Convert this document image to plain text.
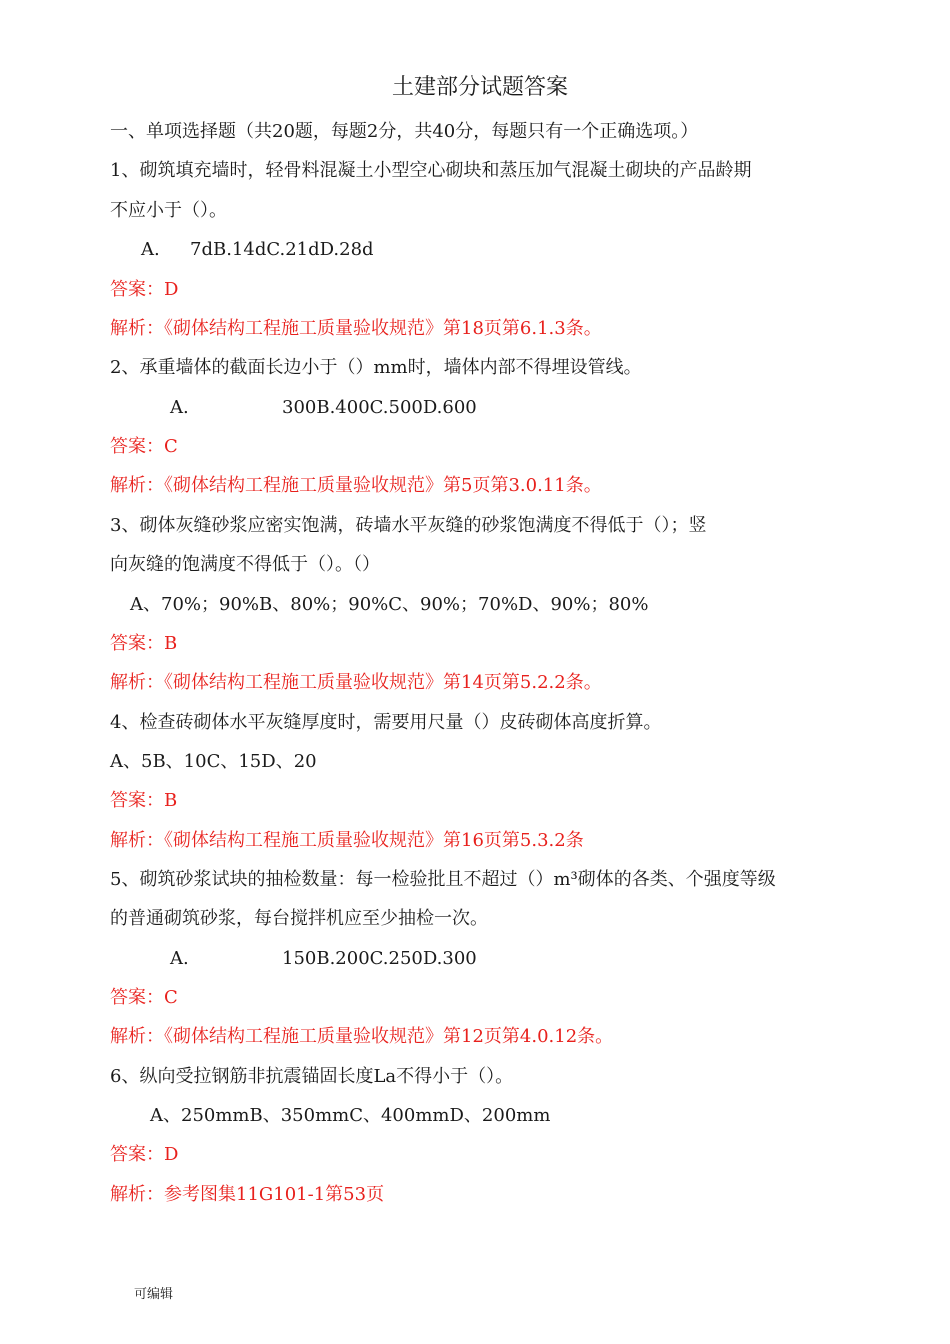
土建部分试题答案
一、单项选择题（共20题，每题2分，共40分，每题只有一个正确选项。）
1、砌筑填充墙时，轻骨料混凝土小型空心砌块和蒸压加气混凝土砌块的产品龄期
不应小于（）。
A. 7dB.14dC.21dD.28d
答案：D
解析：《砌体结构工程施工质量验收规范》第18页第6.1.3条。
2、承重墙体的截面长边小于（）mm时，墙体内部不得埋设管线。
A.	300B.400C.500D.600
答案：C
解析：《砌体结构工程施工质量验收规范》第5页第3.0.11条。
3、砌体灰缝砂浆应密实饱满，砖墙水平灰缝的砂浆饱满度不得低于（）；竖
向灰缝的饱满度不得低于（）。（）
A、70%；90%B、80%；90%C、90%；70%D、90%；80%
答案：B
解析：《砌体结构工程施工质量验收规范》第14页第5.2.2条。
4、检查砖砌体水平灰缝厚度时，需要用尺量（）皮砖砌体高度折算。
A、5B、10C、15D、20
答案：B
解析：《砌体结构工程施工质量验收规范》第16页第5.3.2条
5、砌筑砂浆试块的抽检数量：每一检验批且不超过（）m³砌体的各类、个强度等级
的普通砌筑砂浆，每台搅拌机应至少抽检一次。
A.	150B.200C.250D.300
答案：C
解析：《砌体结构工程施工质量验收规范》第12页第4.0.12条。
6、纵向受拉钢筋非抗震锚固长度La不得小于（）。
A、250mmB、350mmC、400mmD、200mm
答案：D
解析：参考图集11G101-1第53页
可编辑
